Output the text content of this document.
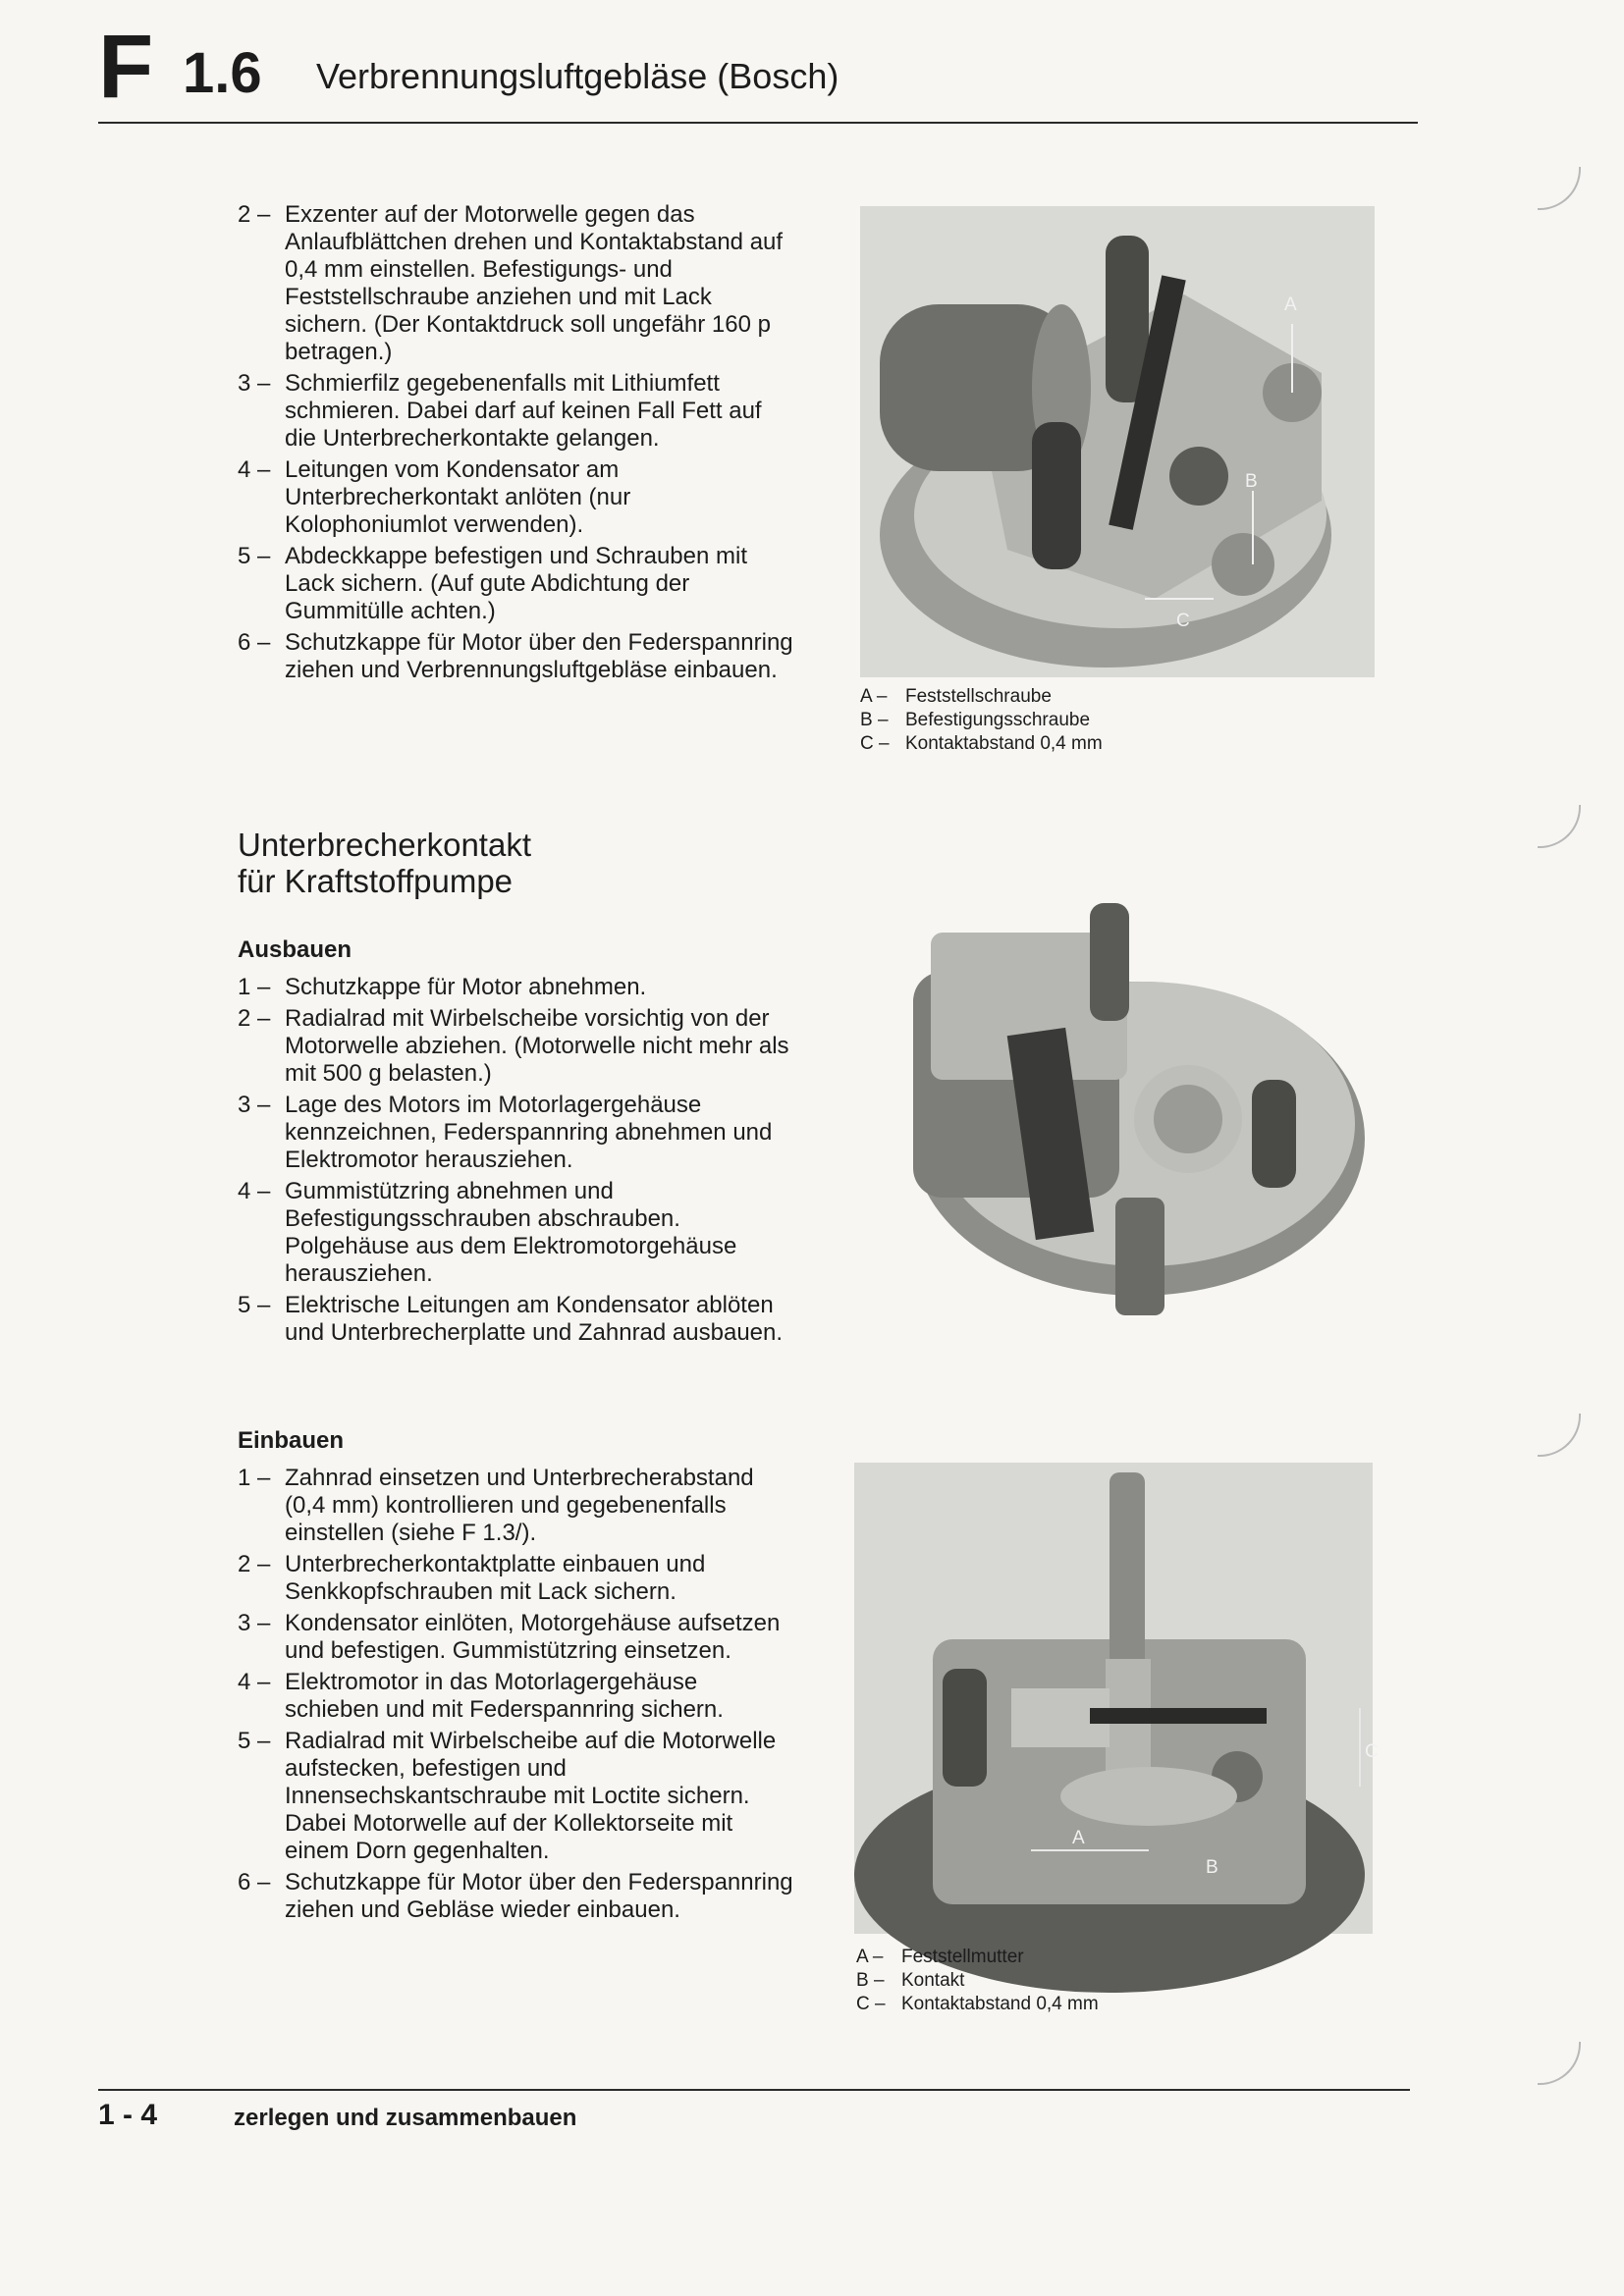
F 1.6 Verbrennungsluftgebläse (Bosch)
2 – Exzenter auf der Motorwelle gegen das Anlaufblättchen drehen und Kontaktabstand auf 0,4 mm einstellen. Befestigungs- und Feststellschraube anziehen und mit Lack sichern. (Der Kontaktdruck soll ungefähr 160 p betragen.)
3 – Schmierfilz gegebenenfalls mit Lithiumfett schmieren. Dabei darf auf keinen Fall Fett auf die Unterbrecherkontakte gelangen.
4 – Leitungen vom Kondensator am Unterbrecherkontakt anlöten (nur Kolophoniumlot verwenden).
5 – Abdeckkappe befestigen und Schrauben mit Lack sichern. (Auf gute Abdichtung der Gummitülle achten.)
6 – Schutzkappe für Motor über den Federspannring ziehen und Verbrennungsluftgebläse einbauen.
A
B
C
A – Feststellschraube
B – Befestigungsschraube
C – Kontaktabstand 0,4 mm
Unterbrecherkontakt
für Kraftstoffpumpe
Ausbauen
1 – Schutzkappe für Motor abnehmen.
2 – Radialrad mit Wirbelscheibe vorsichtig von der Motorwelle abziehen. (Motorwelle nicht mehr als mit 500 g belasten.)
3 – Lage des Motors im Motorlagergehäuse kennzeichnen, Federspannring abnehmen und Elektromotor herausziehen.
4 – Gummistützring abnehmen und Befestigungsschrauben abschrauben. Polgehäuse aus dem Elektromotorgehäuse herausziehen.
5 – Elektrische Leitungen am Kondensator ablöten und Unterbrecherplatte und Zahnrad ausbauen.
Einbauen
1 – Zahnrad einsetzen und Unterbrecherabstand (0,4 mm) kontrollieren und gegebenenfalls einstellen (siehe F 1.3/).
2 – Unterbrecherkontaktplatte einbauen und Senkkopfschrauben mit Lack sichern.
3 – Kondensator einlöten, Motorgehäuse aufsetzen und befestigen. Gummistützring einsetzen.
4 – Elektromotor in das Motorlagergehäuse schieben und mit Federspannring sichern.
5 – Radialrad mit Wirbelscheibe auf die Motorwelle aufstecken, befestigen und Innensechskantschraube mit Loctite sichern. Dabei Motorwelle auf der Kollektorseite mit einem Dorn gegenhalten.
6 – Schutzkappe für Motor über den Federspannring ziehen und Gebläse wieder einbauen.
C
A
B
A – Feststellmutter
B – Kontakt
C – Kontaktabstand 0,4 mm
1 - 4	zerlegen und zusammenbauen
